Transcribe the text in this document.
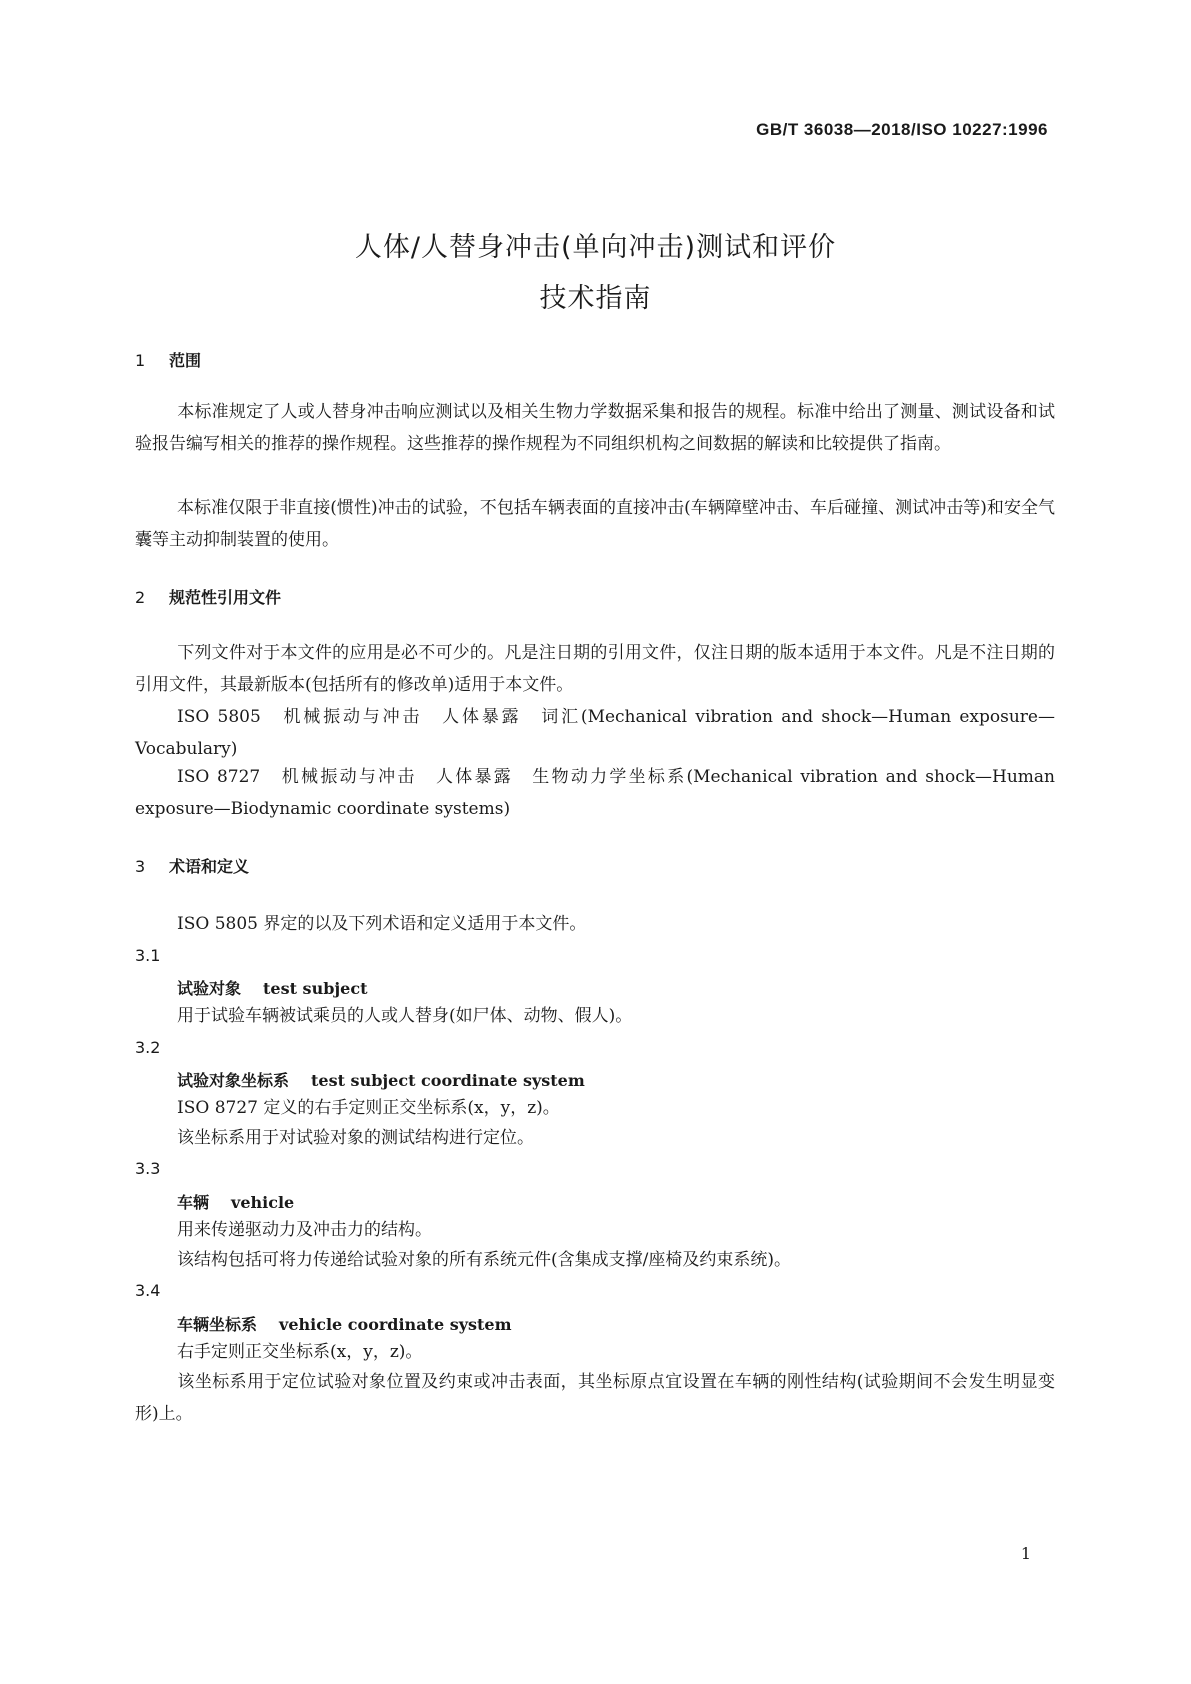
GB/T 36038—2018/ISO 10227:1996
人体/人替身冲击(单向冲击)测试和评价
技术指南
1 范围
本标准规定了人或人替身冲击响应测试以及相关生物力学数据采集和报告的规程。标准中给出了测量、测试设备和试验报告编写相关的推荐的操作规程。这些推荐的操作规程为不同组织机构之间数据的解读和比较提供了指南。
本标准仅限于非直接(惯性)冲击的试验，不包括车辆表面的直接冲击(车辆障壁冲击、车后碰撞、测试冲击等)和安全气囊等主动抑制装置的使用。
2 规范性引用文件
下列文件对于本文件的应用是必不可少的。凡是注日期的引用文件，仅注日期的版本适用于本文件。凡是不注日期的引用文件，其最新版本(包括所有的修改单)适用于本文件。
ISO 5805　机械振动与冲击　人体暴露　词汇(Mechanical vibration and shock—Human exposure—Vocabulary)
ISO 8727　机械振动与冲击　人体暴露　生物动力学坐标系(Mechanical vibration and shock—Human exposure—Biodynamic coordinate systems)
3 术语和定义
ISO 5805 界定的以及下列术语和定义适用于本文件。
3.1
试验对象 test subject
用于试验车辆被试乘员的人或人替身(如尸体、动物、假人)。
3.2
试验对象坐标系 test subject coordinate system
ISO 8727 定义的右手定则正交坐标系(x，y，z)。
该坐标系用于对试验对象的测试结构进行定位。
3.3
车辆 vehicle
用来传递驱动力及冲击力的结构。
该结构包括可将力传递给试验对象的所有系统元件(含集成支撑/座椅及约束系统)。
3.4
车辆坐标系 vehicle coordinate system
右手定则正交坐标系(x，y，z)。
该坐标系用于定位试验对象位置及约束或冲击表面，其坐标原点宜设置在车辆的刚性结构(试验期间不会发生明显变形)上。
1
